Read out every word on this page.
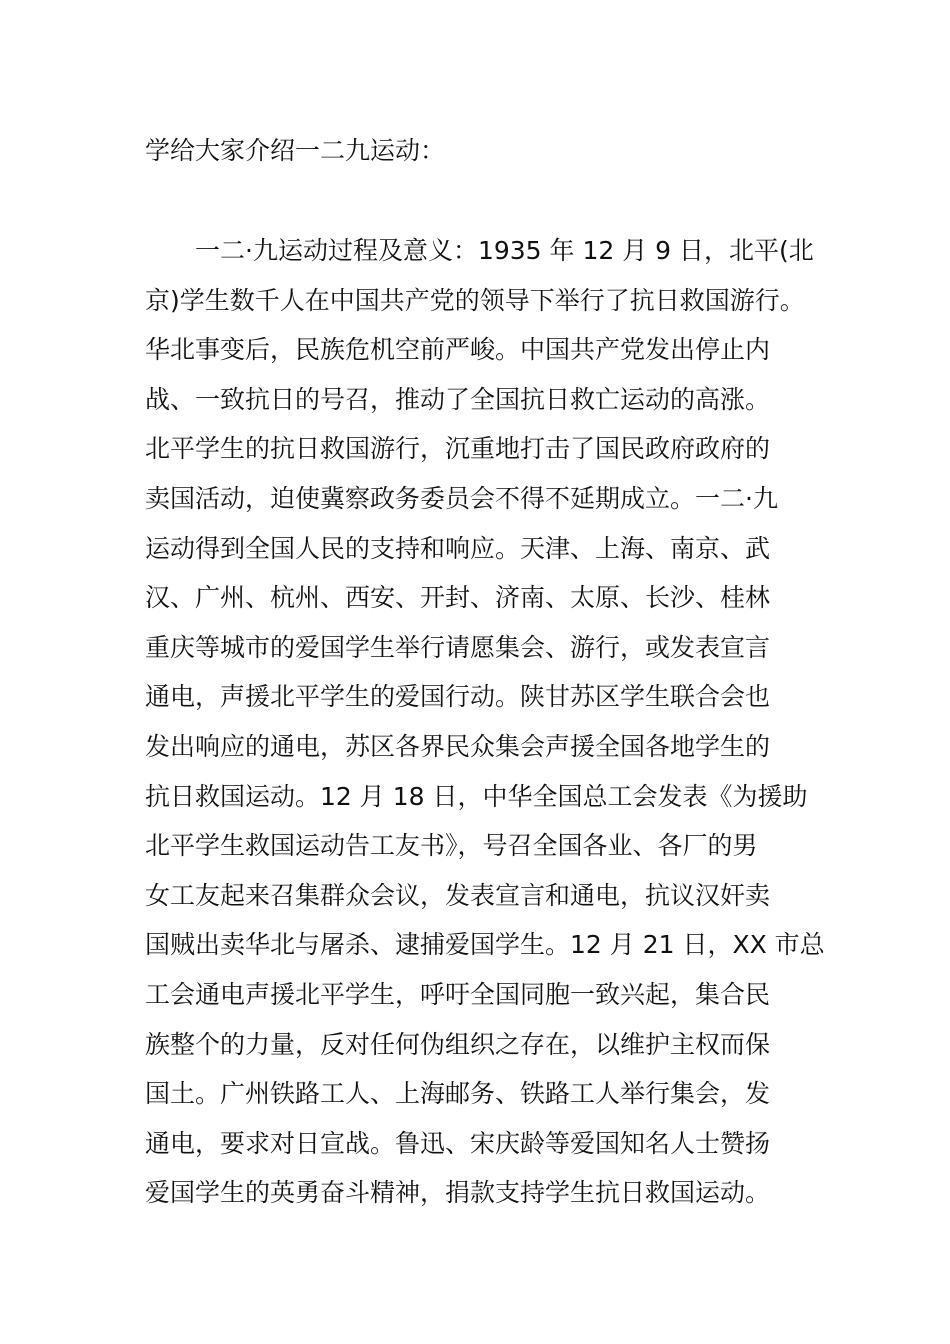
学给大家介绍一二九运动：
一二·九运动过程及意义：1935 年 12 月 9 日，北平(北
京)学生数千人在中国共产党的领导下举行了抗日救国游行。
华北事变后，民族危机空前严峻。中国共产党发出停止内
战、一致抗日的号召，推动了全国抗日救亡运动的高涨。
北平学生的抗日救国游行，沉重地打击了国民政府政府的
卖国活动，迫使冀察政务委员会不得不延期成立。一二·九
运动得到全国人民的支持和响应。天津、上海、南京、武
汉、广州、杭州、西安、开封、济南、太原、长沙、桂林
重庆等城市的爱国学生举行请愿集会、游行，或发表宣言
通电，声援北平学生的爱国行动。陕甘苏区学生联合会也
发出响应的通电，苏区各界民众集会声援全国各地学生的
抗日救国运动。12 月 18 日，中华全国总工会发表《为援助
北平学生救国运动告工友书》，号召全国各业、各厂的男
女工友起来召集群众会议，发表宣言和通电，抗议汉奸卖
国贼出卖华北与屠杀、逮捕爱国学生。12 月 21 日，XX 市总
工会通电声援北平学生，呼吁全国同胞一致兴起，集合民
族整个的力量，反对任何伪组织之存在，以维护主权而保
国土。广州铁路工人、上海邮务、铁路工人举行集会，发
通电，要求对日宣战。鲁迅、宋庆龄等爱国知名人士赞扬
爱国学生的英勇奋斗精神，捐款支持学生抗日救国运动。
